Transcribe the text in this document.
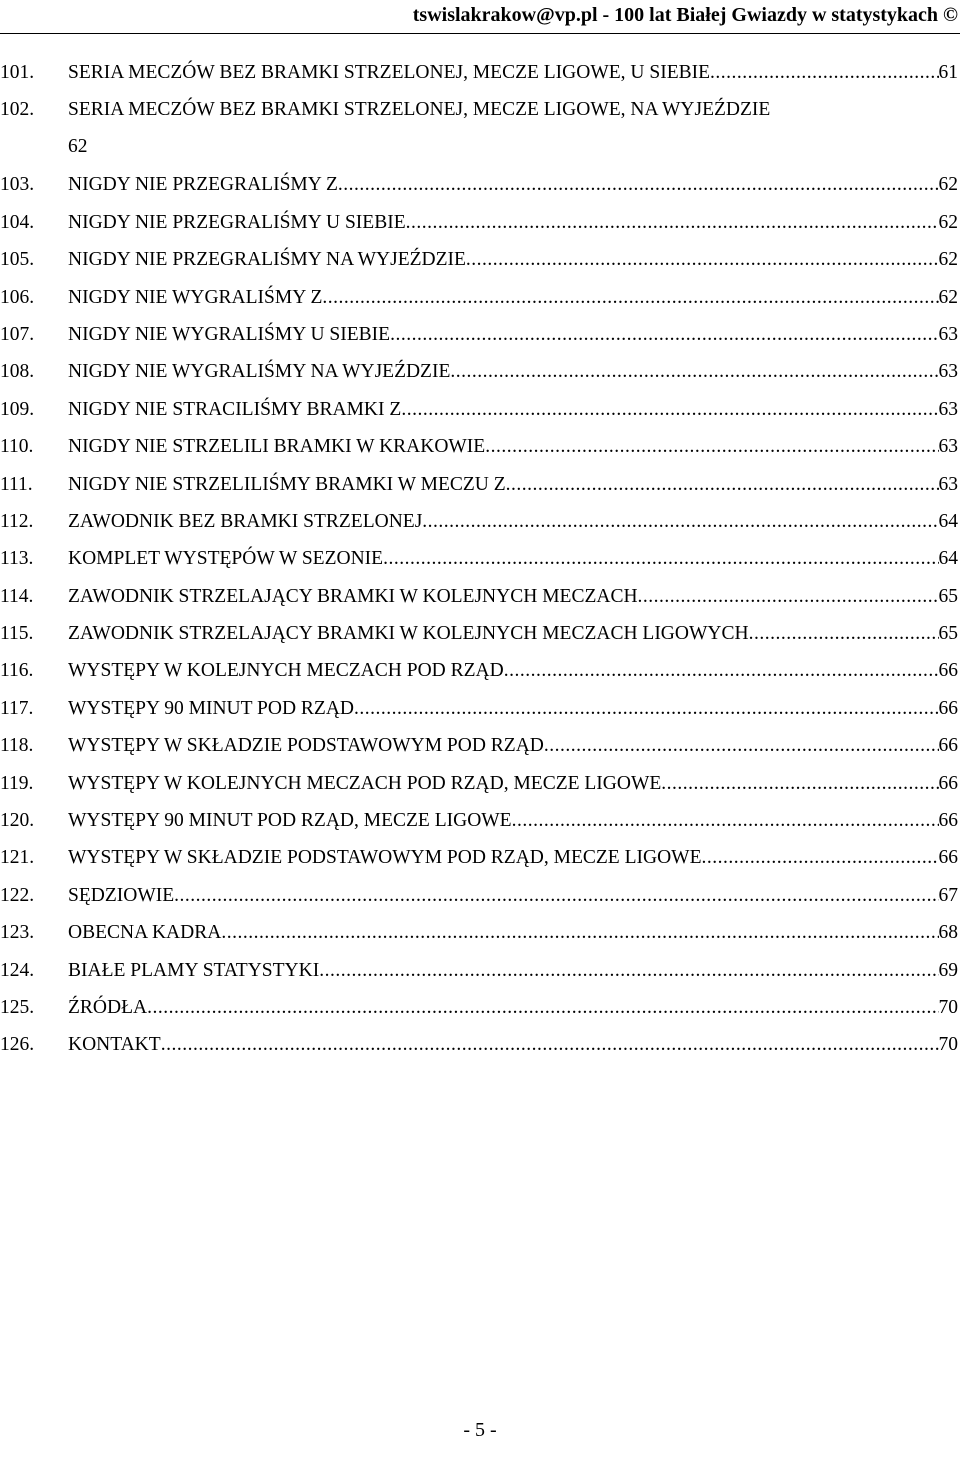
tswislakrakow@vp.pl - 100 lat Białej Gwiazdy w statystykach ©
101. SERIA MECZÓW BEZ BRAMKI STRZELONEJ, MECZE LIGOWE, U SIEBIE .....	61
102. SERIA MECZÓW BEZ BRAMKI STRZELONEJ, MECZE LIGOWE, NA WYJEŹDZIE
62
103. NIGDY NIE PRZEGRALIŚMY Z .....	62
104. NIGDY NIE PRZEGRALIŚMY U SIEBIE .....	62
105. NIGDY NIE PRZEGRALIŚMY NA WYJEŹDZIE .....	62
106. NIGDY NIE WYGRALIŚMY Z .....	62
107. NIGDY NIE WYGRALIŚMY U SIEBIE .....	63
108. NIGDY NIE WYGRALIŚMY NA WYJEŹDZIE .....	63
109. NIGDY NIE STRACILIŚMY BRAMKI Z .....	63
110. NIGDY NIE STRZELILI BRAMKI W KRAKOWIE .....	63
111. NIGDY NIE STRZELILIŚMY BRAMKI W MECZU Z .....	63
112. ZAWODNIK BEZ BRAMKI STRZELONEJ .....	64
113. KOMPLET WYSTĘPÓW W SEZONIE .....	64
114. ZAWODNIK STRZELAJĄCY BRAMKI W KOLEJNYCH MECZACH .....	65
115. ZAWODNIK STRZELAJĄCY BRAMKI W KOLEJNYCH MECZACH LIGOWYCH .....	65
116. WYSTĘPY W KOLEJNYCH MECZACH POD RZĄD .....	66
117. WYSTĘPY 90 MINUT POD RZĄD .....	66
118. WYSTĘPY W SKŁADZIE PODSTAWOWYM POD RZĄD .....	66
119. WYSTĘPY W KOLEJNYCH MECZACH POD RZĄD, MECZE LIGOWE .....	66
120. WYSTĘPY 90 MINUT POD RZĄD, MECZE LIGOWE .....	66
121. WYSTĘPY W SKŁADZIE PODSTAWOWYM POD RZĄD, MECZE LIGOWE .....	66
122. SĘDZIOWIE .....	67
123. OBECNA KADRA .....	68
124. BIAŁE PLAMY STATYSTYKI .....	69
125. ŹRÓDŁA .....	70
126. KONTAKT .....	70
- 5 -
